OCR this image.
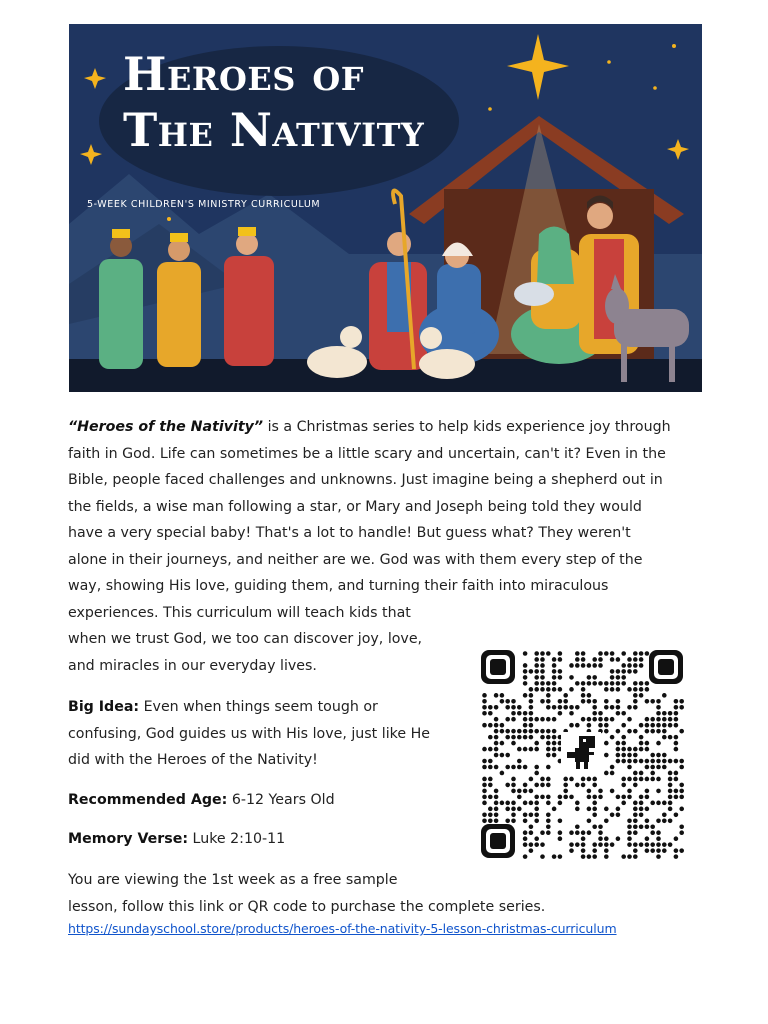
Heroes of
The Nativity
5-WEEK CHILDREN'S MINISTRY CURRICULUM
“Heroes of the Nativity” is a Christmas series to help kids experience joy through
faith in God. Life can sometimes be a little scary and uncertain, can't it? Even in the
Bible, people faced challenges and unknowns. Just imagine being a shepherd out in
the fields, a wise man following a star, or Mary and Joseph being told they would
have a very special baby! That's a lot to handle! But guess what? They weren't
alone in their journeys, and neither are we. God was with them every step of the
way, showing His love, guiding them, and turning their faith into miraculous
experiences. This curriculum will teach kids that
when we trust God, we too can discover joy, love,
and miracles in our everyday lives.
Big Idea: Even when things seem tough or
confusing, God guides us with His love, just like He
did with the Heroes of the Nativity!
Recommended Age: 6-12 Years Old
Memory Verse: Luke 2:10-11
You are viewing the 1st week as a free sample
lesson, follow this link or QR code to purchase the complete series.
https://sundayschool.store/products/heroes-of-the-nativity-5-lesson-christmas-curriculum
